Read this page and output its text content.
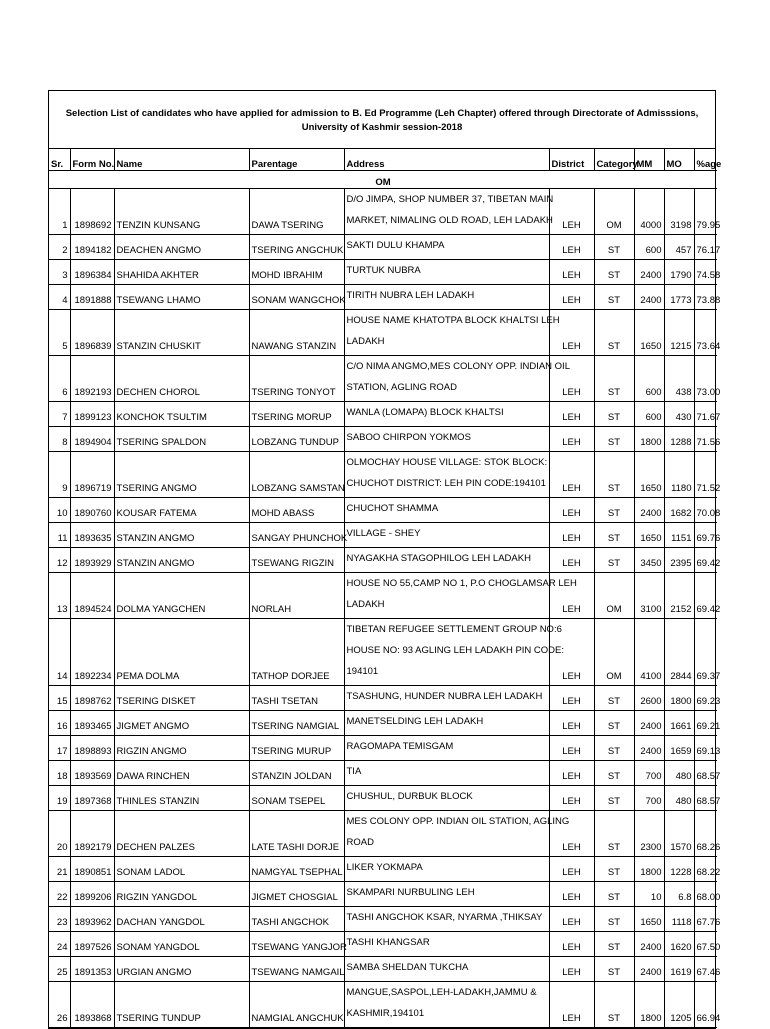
Selection List of candidates who have applied for admission to B. Ed Programme (Leh Chapter) offered through Directorate of Admisssions,
University of Kashmir session-2018
Sr.	Form No.	Name	Parentage	Address	District	Category	MM	MO	%age
OM									
1	1898692	TENZIN KUNSANG	DAWA TSERING	D/O JIMPA, SHOP NUMBER 37, TIBETAN MAIN
MARKET, NIMALING OLD ROAD, LEH LADAKH	LEH	OM	4000	3198	79.95
2	1894182	DEACHEN ANGMO	TSERING ANGCHUK	SAKTI DULU KHAMPA	LEH	ST	600	457	76.17
3	1896384	SHAHIDA AKHTER	MOHD IBRAHIM	TURTUK NUBRA	LEH	ST	2400	1790	74.58
4	1891888	TSEWANG LHAMO	SONAM WANGCHOK	TIRITH NUBRA LEH LADAKH	LEH	ST	2400	1773	73.88
5	1896839	STANZIN CHUSKIT	NAWANG STANZIN	HOUSE NAME KHATOTPA BLOCK KHALTSI LEH
LADAKH	LEH	ST	1650	1215	73.64
6	1892193	DECHEN CHOROL	TSERING TONYOT	C/O NIMA ANGMO,MES COLONY OPP. INDIAN OIL
STATION, AGLING ROAD	LEH	ST	600	438	73.00
7	1899123	KONCHOK TSULTIM	TSERING MORUP	WANLA (LOMAPA) BLOCK KHALTSI	LEH	ST	600	430	71.67
8	1894904	TSERING SPALDON	LOBZANG TUNDUP	SABOO CHIRPON YOKMOS	LEH	ST	1800	1288	71.56
9	1896719	TSERING ANGMO	LOBZANG SAMSTAN	OLMOCHAY HOUSE VILLAGE: STOK BLOCK:
CHUCHOT DISTRICT: LEH PIN CODE:194101	LEH	ST	1650	1180	71.52
10	1890760	KOUSAR FATEMA	MOHD ABASS	CHUCHOT SHAMMA	LEH	ST	2400	1682	70.08
11	1893635	STANZIN ANGMO	SANGAY PHUNCHOK	VILLAGE - SHEY	LEH	ST	1650	1151	69.76
12	1893929	STANZIN ANGMO	TSEWANG RIGZIN	NYAGAKHA STAGOPHILOG LEH LADAKH	LEH	ST	3450	2395	69.42
13	1894524	DOLMA YANGCHEN	NORLAH	HOUSE NO 55,CAMP NO 1, P.O CHOGLAMSAR LEH
LADAKH	LEH	OM	3100	2152	69.42
14	1892234	PEMA DOLMA	TATHOP DORJEE	TIBETAN REFUGEE SETTLEMENT GROUP NO:6
HOUSE NO: 93 AGLING LEH LADAKH PIN CODE:
194101	LEH	OM	4100	2844	69.37
15	1898762	TSERING DISKET	TASHI TSETAN	TSASHUNG, HUNDER NUBRA LEH LADAKH	LEH	ST	2600	1800	69.23
16	1893465	JIGMET ANGMO	TSERING NAMGIAL	MANETSELDING LEH LADAKH	LEH	ST	2400	1661	69.21
17	1898893	RIGZIN ANGMO	TSERING MURUP	RAGOMAPA TEMISGAM	LEH	ST	2400	1659	69.13
18	1893569	DAWA RINCHEN	STANZIN JOLDAN	TIA	LEH	ST	700	480	68.57
19	1897368	THINLES STANZIN	SONAM TSEPEL	CHUSHUL, DURBUK BLOCK	LEH	ST	700	480	68.57
20	1892179	DECHEN PALZES	LATE TASHI DORJE	MES COLONY OPP. INDIAN OIL STATION, AGLING
ROAD	LEH	ST	2300	1570	68.26
21	1890851	SONAM LADOL	NAMGYAL TSEPHAL	LIKER YOKMAPA	LEH	ST	1800	1228	68.22
22	1899206	RIGZIN YANGDOL	JIGMET CHOSGIAL	SKAMPARI NURBULING LEH	LEH	ST	10	6.8	68.00
23	1893962	DACHAN YANGDOL	TASHI ANGCHOK	TASHI ANGCHOK KSAR, NYARMA ,THIKSAY	LEH	ST	1650	1118	67.76
24	1897526	SONAM YANGDOL	TSEWANG YANGJOR	TASHI KHANGSAR	LEH	ST	2400	1620	67.50
25	1891353	URGIAN ANGMO	TSEWANG NAMGAIL	SAMBA SHELDAN TUKCHA	LEH	ST	2400	1619	67.46
26	1893868	TSERING TUNDUP	NAMGIAL ANGCHUK	MANGUE,SASPOL,LEH-LADAKH,JAMMU &
KASHMIR,194101	LEH	ST	1800	1205	66.94
